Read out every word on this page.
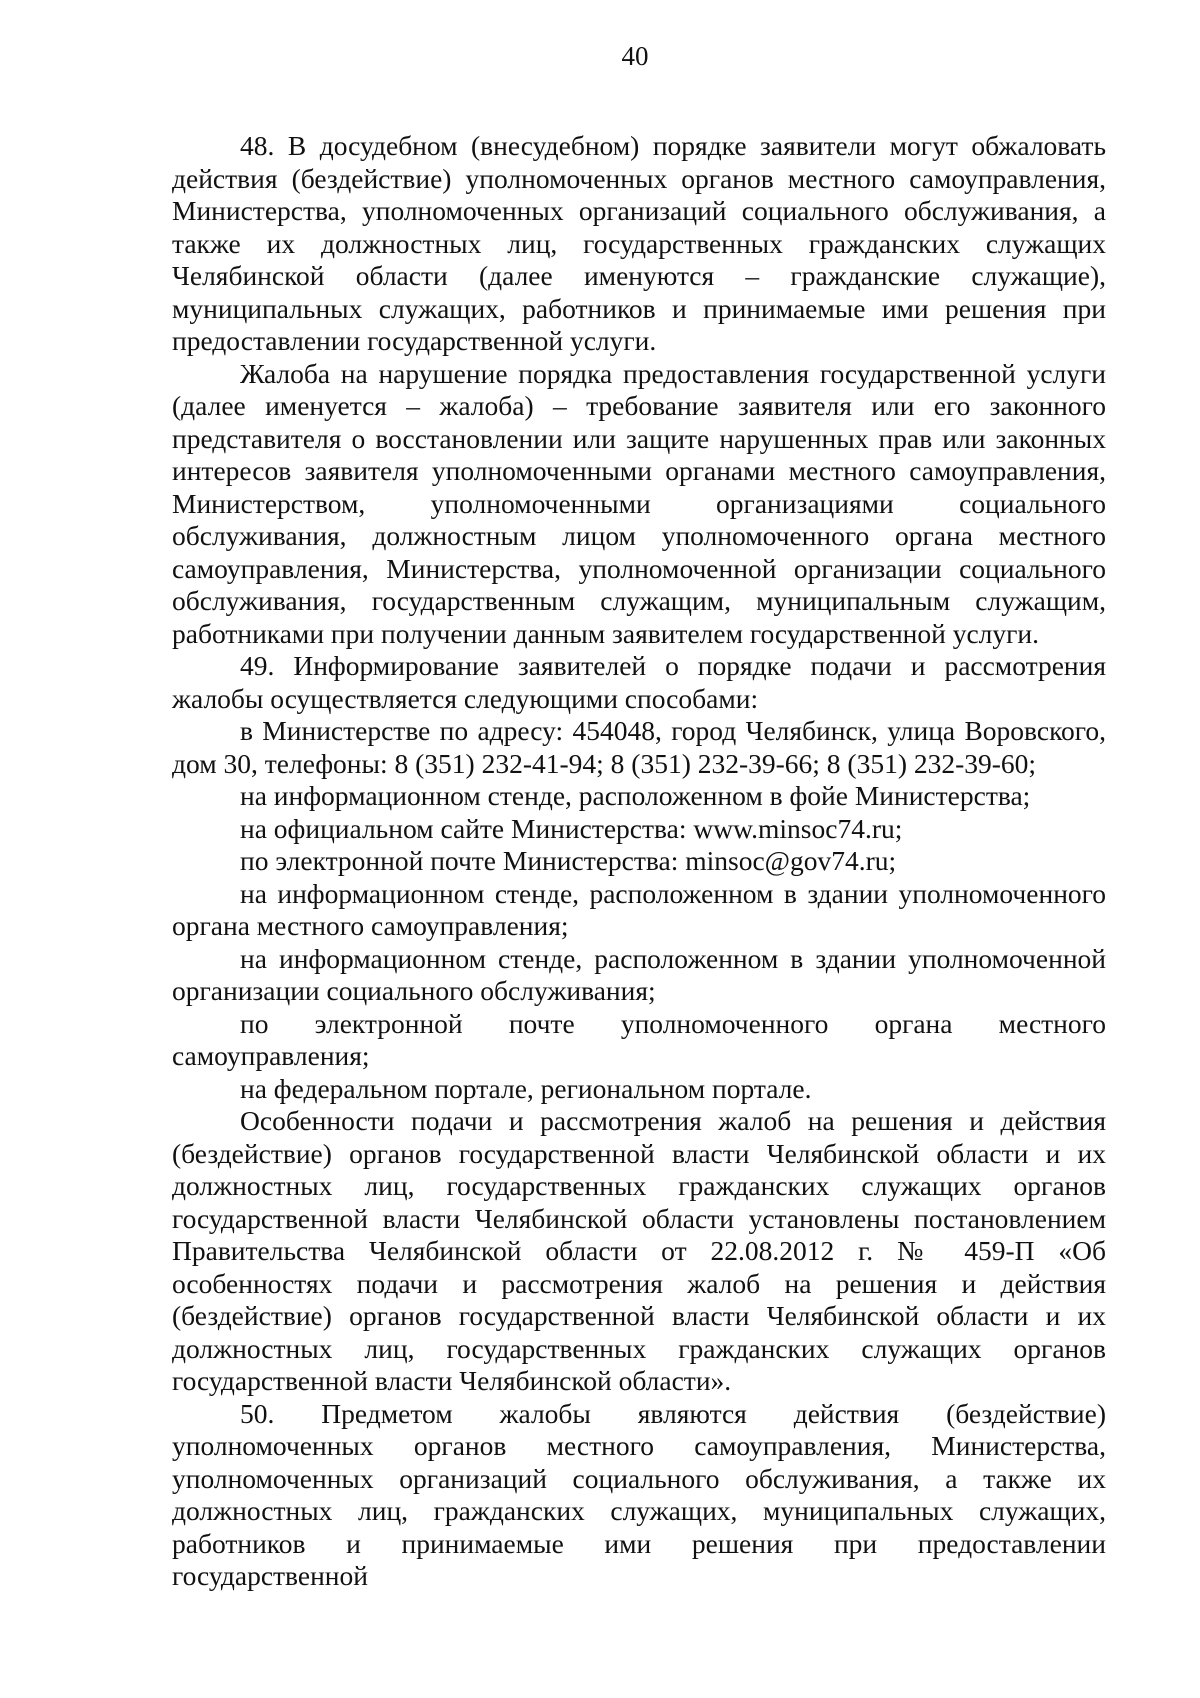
40

48. В досудебном (внесудебном) порядке заявители могут обжаловать действия (бездействие) уполномоченных органов местного самоуправления, Министерства, уполномоченных организаций социального обслуживания, а также их должностных лиц, государственных гражданских служащих Челябинской области (далее именуются – гражданские служащие), муниципальных служащих, работников и принимаемые ими решения при предоставлении государственной услуги.

Жалоба на нарушение порядка предоставления государственной услуги (далее именуется – жалоба) – требование заявителя или его законного представителя о восстановлении или защите нарушенных прав или законных интересов заявителя уполномоченными органами местного самоуправления, Министерством, уполномоченными организациями социального обслуживания, должностным лицом уполномоченного органа местного самоуправления, Министерства, уполномоченной организации социального обслуживания, государственным служащим, муниципальным служащим, работниками при получении данным заявителем государственной услуги.

49. Информирование заявителей о порядке подачи и рассмотрения жалобы осуществляется следующими способами:

в Министерстве по адресу: 454048, город Челябинск, улица Воровского, дом 30, телефоны: 8 (351) 232-41-94; 8 (351) 232-39-66; 8 (351) 232-39-60;

на информационном стенде, расположенном в фойе Министерства;

на официальном сайте Министерства: www.minsoc74.ru;

по электронной почте Министерства: minsoc@gov74.ru;

на информационном стенде, расположенном в здании уполномоченного органа местного самоуправления;

на информационном стенде, расположенном в здании уполномоченной организации социального обслуживания;

по электронной почте уполномоченного органа местного самоуправления;

на федеральном портале, региональном портале.

Особенности подачи и рассмотрения жалоб на решения и действия (бездействие) органов государственной власти Челябинской области и их должностных лиц, государственных гражданских служащих органов государственной власти Челябинской области установлены постановлением Правительства Челябинской области от 22.08.2012 г. № 459-П «Об особенностях подачи и рассмотрения жалоб на решения и действия (бездействие) органов государственной власти Челябинской области и их должностных лиц, государственных гражданских служащих органов государственной власти Челябинской области».

50. Предметом жалобы являются действия (бездействие) уполномоченных органов местного самоуправления, Министерства, уполномоченных организаций социального обслуживания, а также их должностных лиц, гражданских служащих, муниципальных служащих, работников и принимаемые ими решения при предоставлении государственной
